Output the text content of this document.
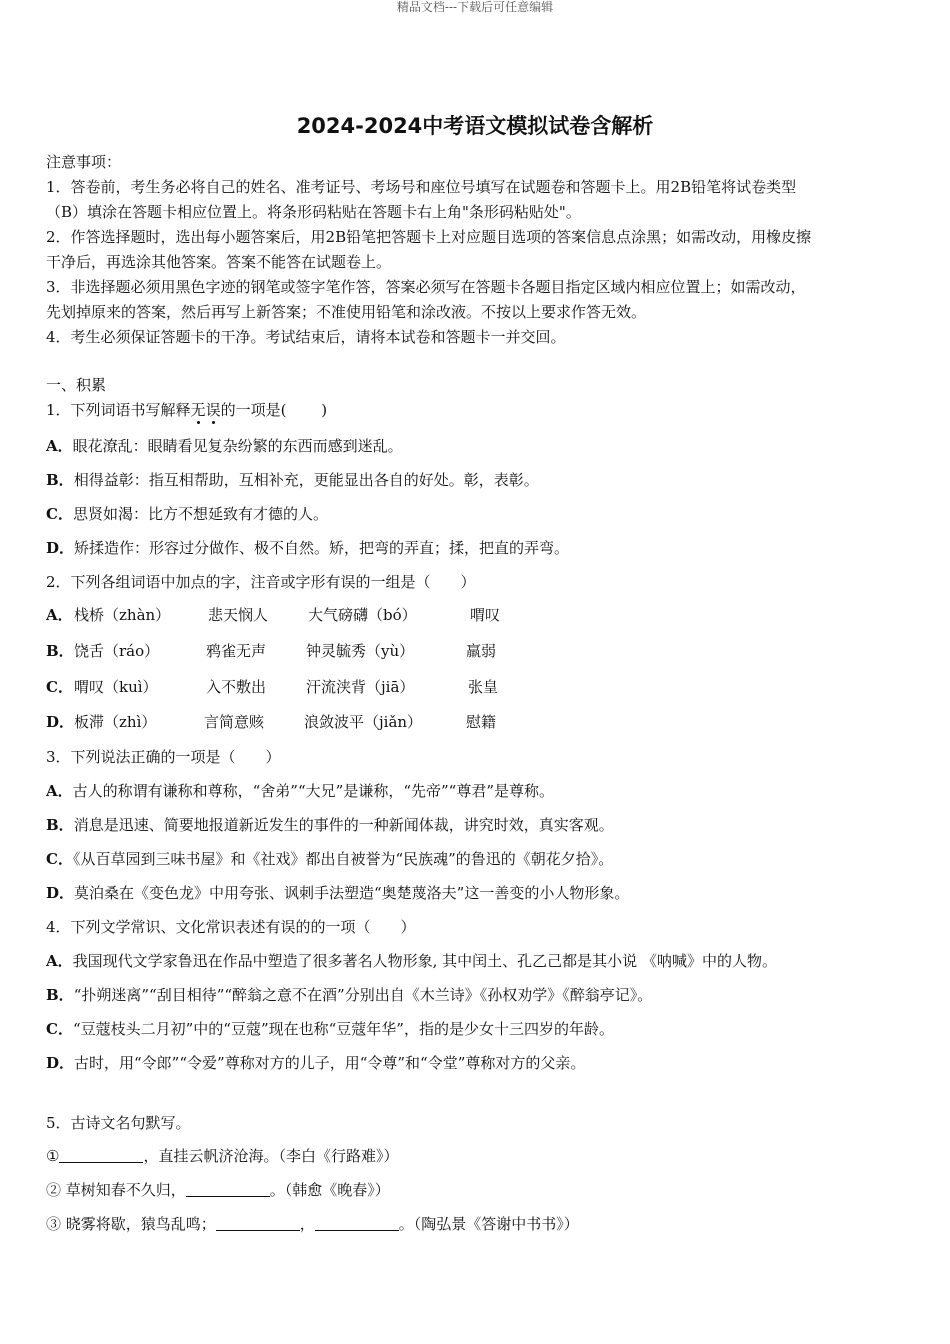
精品文档---下载后可任意编辑
2024-2024中考语文模拟试卷含解析
注意事项：
1．答卷前，考生务必将自己的姓名、准考证号、考场号和座位号填写在试题卷和答题卡上。用2B铅笔将试卷类型
（B）填涂在答题卡相应位置上。将条形码粘贴在答题卡右上角"条形码粘贴处"。
2．作答选择题时，选出每小题答案后，用2B铅笔把答题卡上对应题目选项的答案信息点涂黑；如需改动，用橡皮擦
干净后，再选涂其他答案。答案不能答在试题卷上。
3．非选择题必须用黑色字迹的钢笔或签字笔作答，答案必须写在答题卡各题目指定区域内相应位置上；如需改动，
先划掉原来的答案，然后再写上新答案；不准使用铅笔和涂改液。不按以上要求作答无效。
4．考生必须保证答题卡的干净。考试结束后，请将本试卷和答题卡一并交回。
一、积累
1．下列词语书写解释无误的一项是(　　 )
A．眼花潦乱：眼睛看见复杂纷繁的东西而感到迷乱。
B．相得益彰：指互相帮助，互相补充，更能显出各自的好处。彰，表彰。
C．思贤如渴：比方不想延致有才德的人。
D．矫揉造作：形容过分做作、极不自然。矫，把弯的弄直；揉，把直的弄弯。
2．下列各组词语中加点的字，注音或字形有误的一组是（　　）
A． 栈桥（zhàn）	悲天悯人	大气磅礴（bó）	喟叹
B． 饶舌（ráo）	鸦雀无声	钟灵毓秀（yù）	羸弱
C． 喟叹（kuì）	入不敷出	汗流浃背（jiā）	张皇
D． 板滞（zhì）	言简意赅	浪敛波平（jiǎn）	慰籍
3．下列说法正确的一项是（　　）
A．古人的称谓有谦称和尊称，“舍弟”“大兄”是谦称，“先帝”“尊君”是尊称。
B．消息是迅速、简要地报道新近发生的事件的一种新闻体裁，讲究时效，真实客观。
C．《从百草园到三味书屋》和《社戏》都出自被誉为“民族魂”的鲁迅的《朝花夕拾》。
D．莫泊桑在《变色龙》中用夸张、讽刺手法塑造“奥楚蔑洛夫”这一善变的小人物形象。
4．下列文学常识、文化常识表述有误的的一项（　　）
A．我国现代文学家鲁迅在作品中塑造了很多著名人物形象, 其中闰土、孔乙己都是其小说 《呐喊》中的人物。
B．“扑朔迷离”“刮目相待”“醉翁之意不在酒”分别出自《木兰诗》《孙权劝学》《醉翁亭记》。
C．“豆蔻枝头二月初”中的“豆蔻”现在也称“豆蔻年华”，指的是少女十三四岁的年龄。
D．古时，用“令郎”“令爱”尊称对方的儿子，用“令尊”和“令堂”尊称对方的父亲。
5．古诗文名句默写。
①	，直挂云帆济沧海。（李白《行路难》）
② 草树知春不久归，	。（韩愈《晚春》）
③ 晓雾将歇，猿鸟乱鸣；	，	。（陶弘景《答谢中书书》）
